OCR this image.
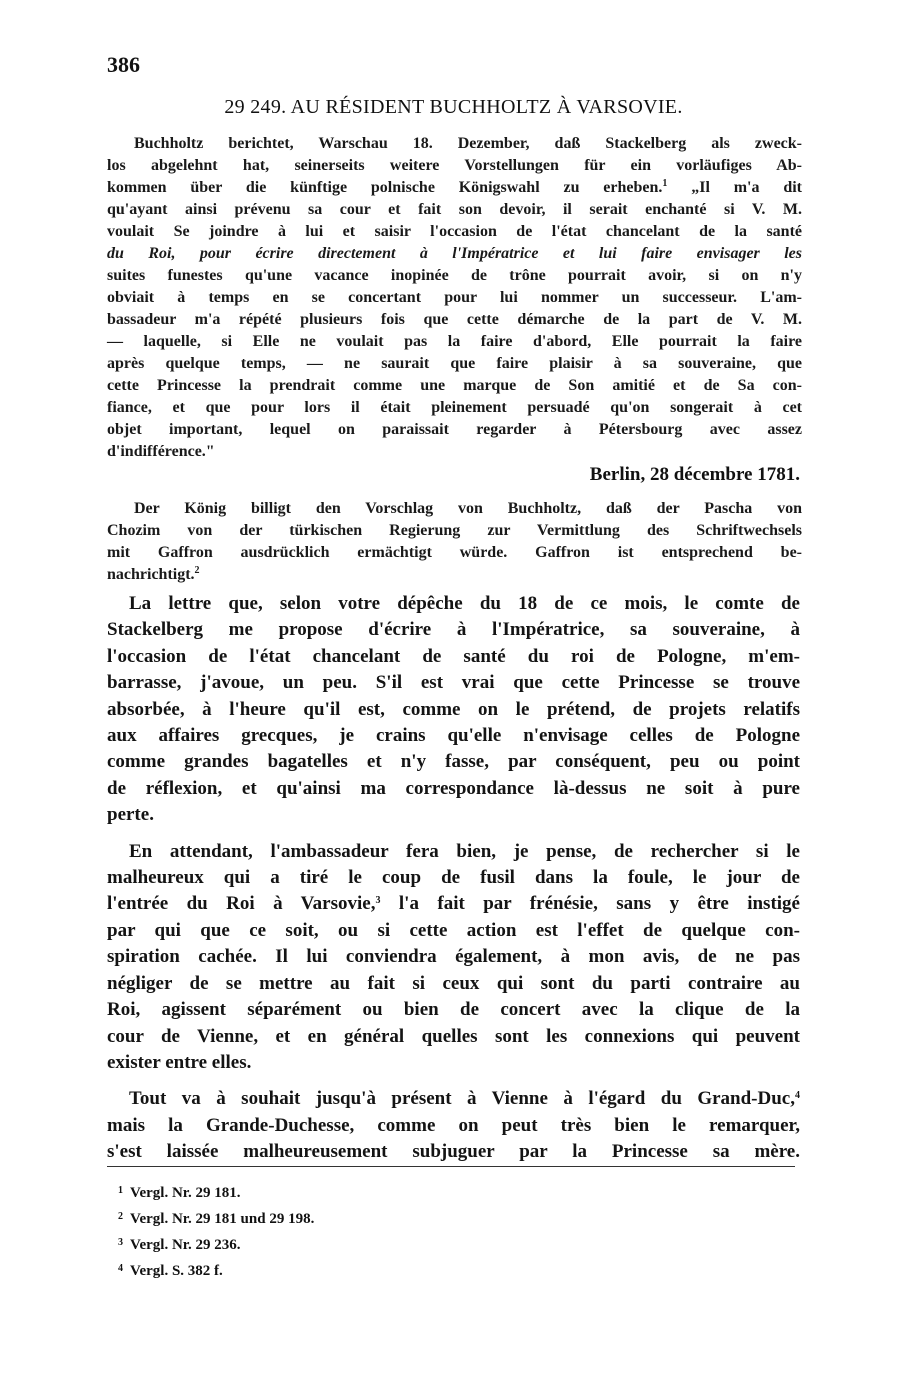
386
29 249. AU RÉSIDENT BUCHHOLTZ À VARSOVIE.
Buchholtz berichtet, Warschau 18. Dezember, daß Stackelberg als zweck-
los abgelehnt hat, seinerseits weitere Vorstellungen für ein vorläufiges Ab-
kommen über die künftige polnische Königswahl zu erheben.$^1$ „Il m'a dit
qu'ayant ainsi prévenu sa cour et fait son devoir, il serait enchanté si V. M.
voulait Se joindre à lui et saisir l'occasion de l'état chancelant de la santé
du Roi, pour écrire directement à l'Impératrice et lui faire envisager les
suites funestes qu'une vacance inopinée de trône pourrait avoir, si on n'y
obviait à temps en se concertant pour lui nommer un successeur. L'am-
bassadeur m'a répété plusieurs fois que cette démarche de la part de V. M.
— laquelle, si Elle ne voulait pas la faire d'abord, Elle pourrait la faire
après quelque temps, — ne saurait que faire plaisir à sa souveraine, que
cette Princesse la prendrait comme une marque de Son amitié et de Sa con-
fiance, et que pour lors il était pleinement persuadé qu'on songerait à cet
objet important, lequel on paraissait regarder à Pétersbourg avec assez
d'indifférence."
Berlin, 28 décembre 1781.
Der König billigt den Vorschlag von Buchholtz, daß der Pascha von
Chozim von der türkischen Regierung zur Vermittlung des Schriftwechsels
mit Gaffron ausdrücklich ermächtigt würde. Gaffron ist entsprechend be-
nachrichtigt.$^2$
La lettre que, selon votre dépêche du 18 de ce mois, le comte de
Stackelberg me propose d'écrire à l'Impératrice, sa souveraine, à
l'occasion de l'état chancelant de santé du roi de Pologne, m'em-
barrasse, j'avoue, un peu. S'il est vrai que cette Princesse se trouve
absorbée, à l'heure qu'il est, comme on le prétend, de projets relatifs
aux affaires grecques, je crains qu'elle n'envisage celles de Pologne
comme grandes bagatelles et n'y fasse, par conséquent, peu ou point
de réflexion, et qu'ainsi ma correspondance là-dessus ne soit à pure
perte.
En attendant, l'ambassadeur fera bien, je pense, de rechercher si le
malheureux qui a tiré le coup de fusil dans la foule, le jour de
l'entrée du Roi à Varsovie,$^3$ l'a fait par frénésie, sans y être instigé
par qui que ce soit, ou si cette action est l'effet de quelque con-
spiration cachée. Il lui conviendra également, à mon avis, de ne pas
négliger de se mettre au fait si ceux qui sont du parti contraire au
Roi, agissent séparément ou bien de concert avec la clique de la
cour de Vienne, et en général quelles sont les connexions qui peuvent
exister entre elles.
Tout va à souhait jusqu'à présent à Vienne à l'égard du Grand-Duc,$^4$
mais la Grande-Duchesse, comme on peut très bien le remarquer,
s'est laissée malheureusement subjuguer par la Princesse sa mère.
$^1$ Vergl. Nr. 29 181.
$^2$ Vergl. Nr. 29 181 und 29 198.
$^3$ Vergl. Nr. 29 236.
$^4$ Vergl. S. 382 f.
